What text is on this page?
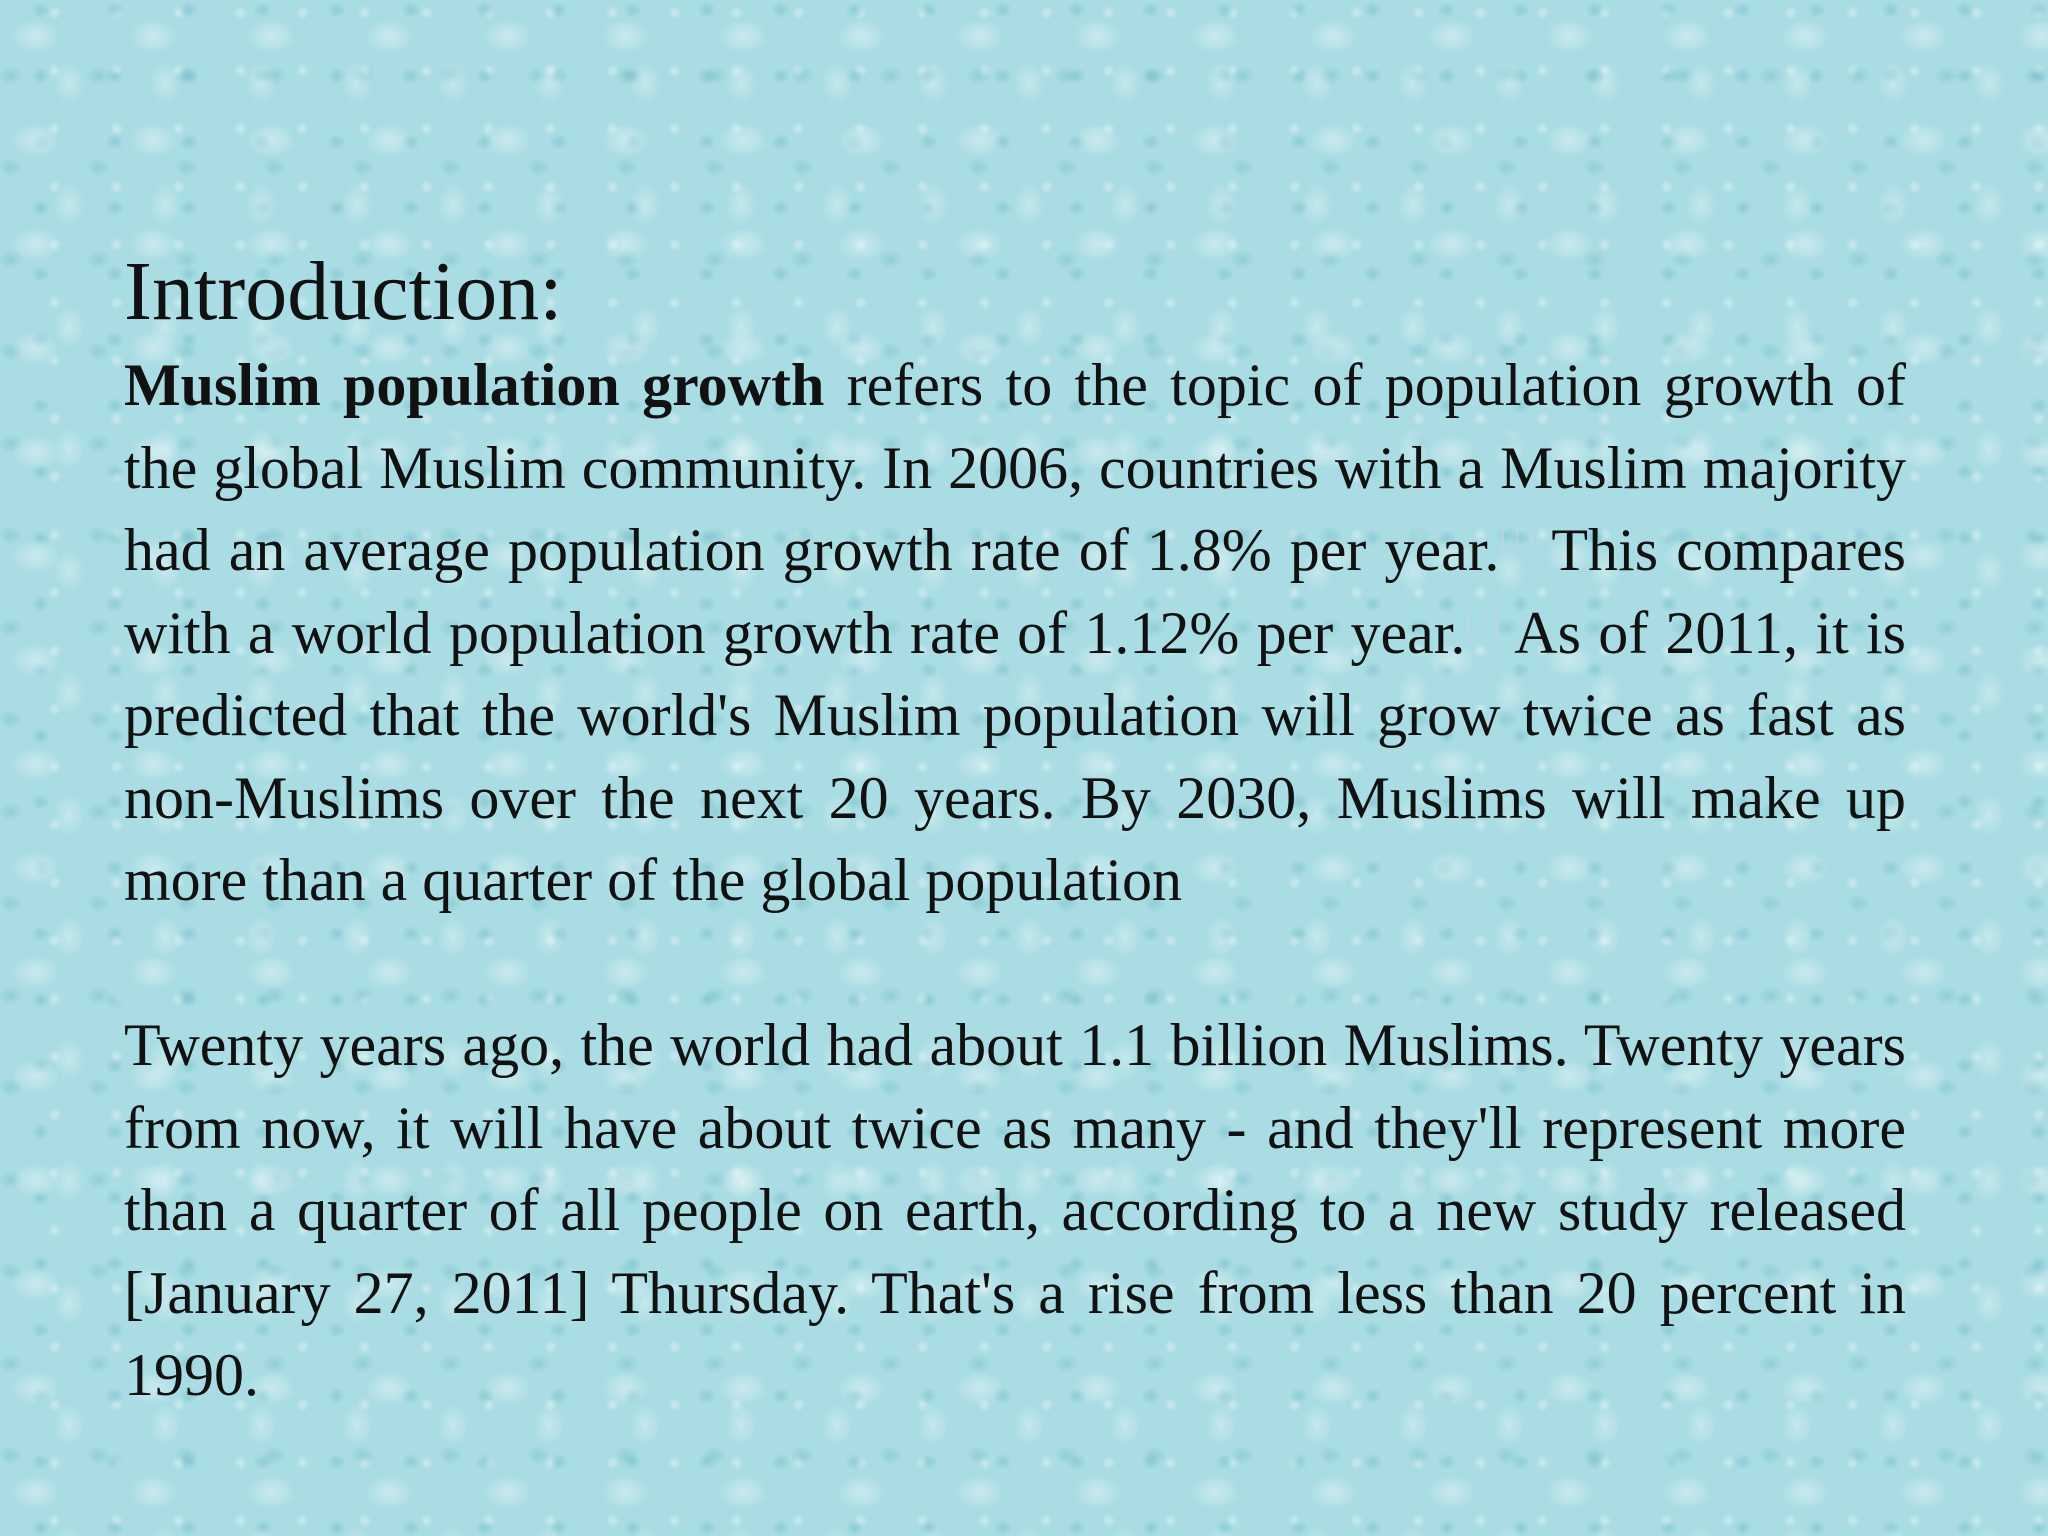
Introduction:

Muslim population growth refers to the topic of population growth of the global Muslim community. In 2006, countries with a Muslim majority had an average population growth rate of 1.8% per year.[1] This compares with a world population growth rate of 1.12% per year.[2] As of 2011, it is predicted that the world's Muslim population will grow twice as fast as non-Muslims over the next 20 years. By 2030, Muslims will make up more than a quarter of the global population

Twenty years ago, the world had about 1.1 billion Muslims. Twenty years from now, it will have about twice as many - and they'll represent more than a quarter of all people on earth, according to a new study released [January 27, 2011] Thursday. That's a rise from less than 20 percent in 1990.
